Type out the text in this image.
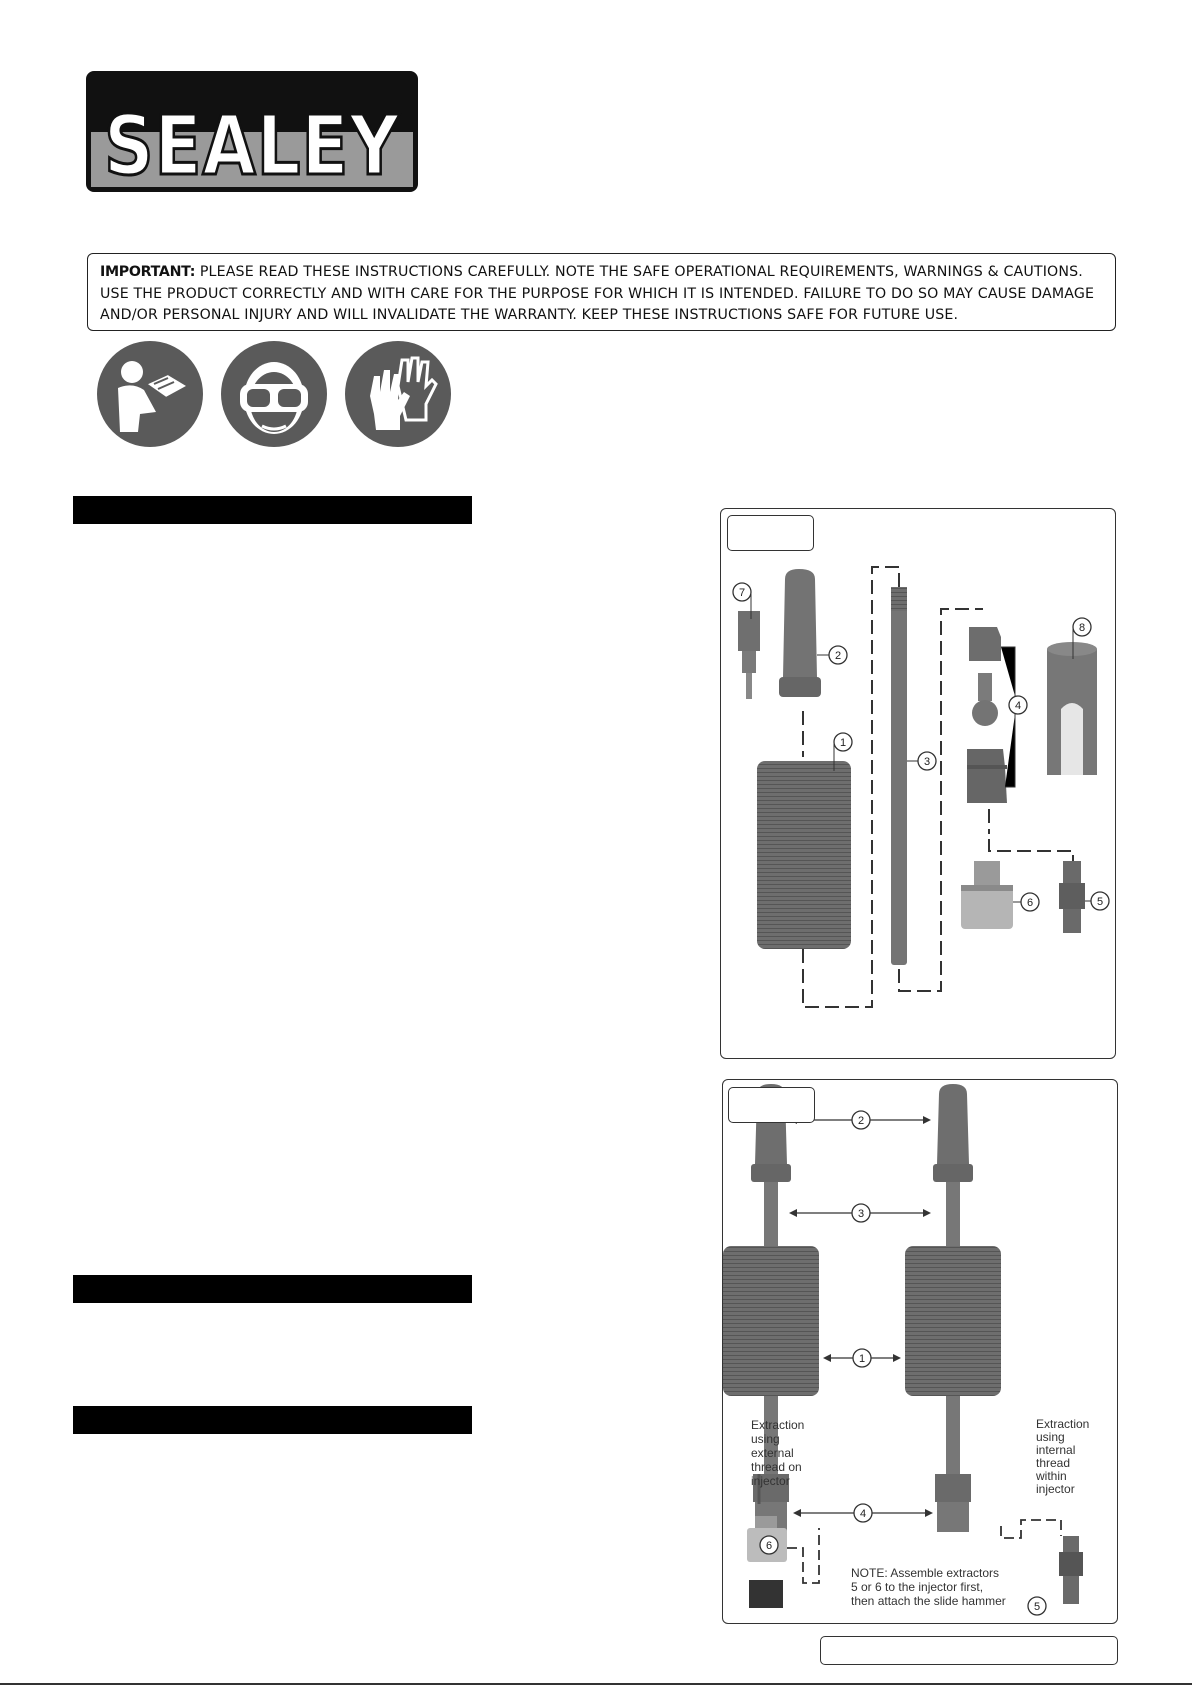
SEALEY
IMPORTANT: PLEASE READ THESE INSTRUCTIONS CAREFULLY. NOTE THE SAFE OPERATIONAL REQUIREMENTS, WARNINGS & CAUTIONS. USE THE PRODUCT CORRECTLY AND WITH CARE FOR THE PURPOSE FOR WHICH IT IS INTENDED. FAILURE TO DO SO MAY CAUSE DAMAGE AND/OR PERSONAL INJURY AND WILL INVALIDATE THE WARRANTY. KEEP THESE INSTRUCTIONS SAFE FOR FUTURE USE.
7
2
1
3
8
4
6	5
2
3
1
4
6
5
Extraction
using
external
thread on
injector
Extraction
using
internal
thread
within
injector
NOTE: Assemble extractors
5 or 6 to the injector first,
then attach the slide hammer
